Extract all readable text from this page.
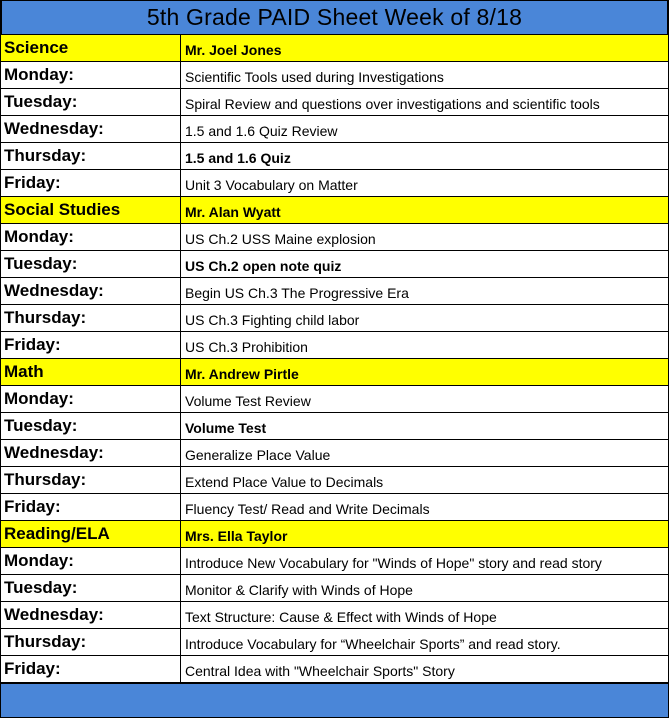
5th Grade PAID Sheet Week of 8/18
Science	Mr. Joel Jones
Monday:	Scientific Tools used during Investigations
Tuesday:	Spiral Review and questions over investigations and scientific tools
Wednesday:	1.5 and 1.6 Quiz Review
Thursday:	1.5 and 1.6 Quiz
Friday:	Unit 3 Vocabulary on Matter
Social Studies	Mr. Alan Wyatt
Monday:	US Ch.2 USS Maine explosion
Tuesday:	US Ch.2 open note quiz
Wednesday:	Begin US Ch.3 The Progressive Era
Thursday:	US Ch.3 Fighting child labor
Friday:	US Ch.3 Prohibition
Math	Mr. Andrew Pirtle
Monday:	Volume Test Review
Tuesday:	Volume Test
Wednesday:	Generalize Place Value
Thursday:	Extend Place Value to Decimals
Friday:	Fluency Test/ Read and Write Decimals
Reading/ELA	Mrs. Ella Taylor
Monday:	Introduce New Vocabulary for "Winds of Hope" story and read story
Tuesday:	Monitor & Clarify with Winds of Hope
Wednesday:	Text Structure: Cause & Effect with Winds of Hope
Thursday:	Introduce Vocabulary for “Wheelchair Sports” and read story.
Friday:	Central Idea with "Wheelchair Sports" Story
